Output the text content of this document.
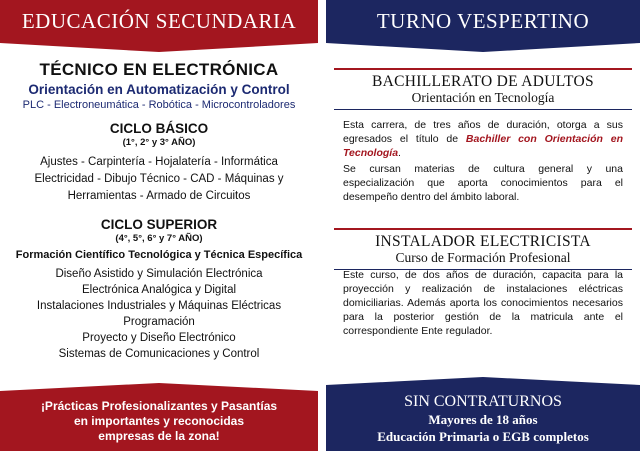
EDUCACIÓN SECUNDARIA
TÉCNICO EN ELECTRÓNICA
Orientación en Automatización y Control
PLC - Electroneumática - Robótica - Microcontroladores
CICLO BÁSICO
(1°, 2° y 3° AÑO)
Ajustes - Carpintería - Hojalatería - Informática
Electricidad - Dibujo Técnico - CAD - Máquinas y
Herramientas - Armado de Circuitos
CICLO SUPERIOR
(4°, 5°, 6° y 7° AÑO)
Formación Científico Tecnológica y Técnica Específica
Diseño Asistido y Simulación Electrónica
Electrónica Analógica y Digital
Instalaciones Industriales y Máquinas Eléctricas
Programación
Proyecto y Diseño Electrónico
Sistemas de Comunicaciones y Control
¡Prácticas Profesionalizantes y Pasantías
en importantes y reconocidas
empresas de la zona!
TURNO VESPERTINO
BACHILLERATO DE ADULTOS
Orientación en Tecnología

Esta carrera, de tres años de duración, otorga a sus egresados el título de Bachiller con Orientación en Tecnología.

Se cursan materias de cultura general y una especialización que aporta conocimientos para el desempeño dentro del ámbito laboral.

INSTALADOR ELECTRICISTA
Curso de Formación Profesional

Este curso, de dos años de duración, capacita para la proyección y realización de instalaciones eléctricas domiciliarias. Además aporta los conocimientos necesarios para la posterior gestión de la matricula ante el correspondiente Ente regulador.

SIN CONTRATURNOS
Mayores de 18 años
Educación Primaria o EGB completos
